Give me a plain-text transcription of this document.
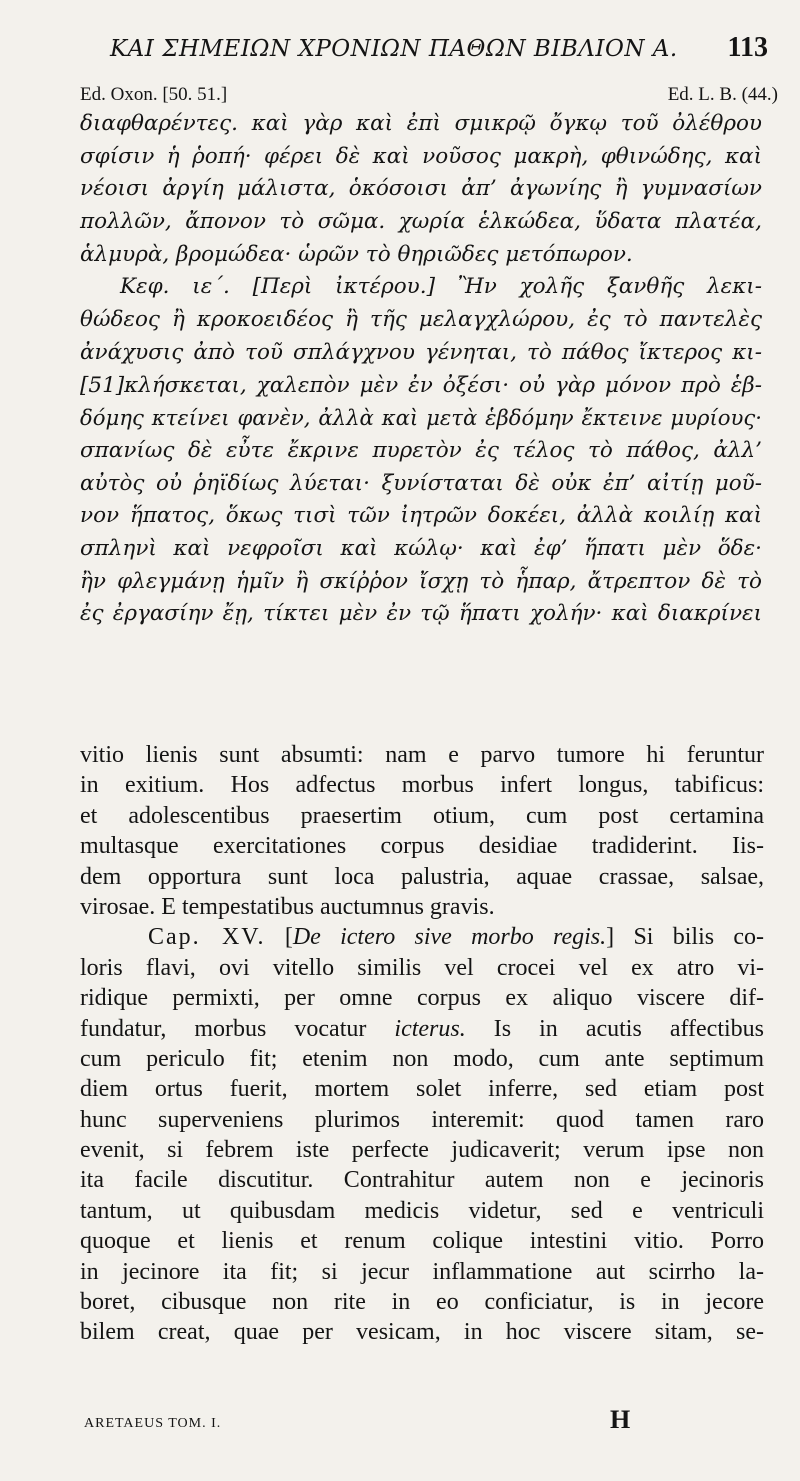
ΚΑΙ ΣΗΜΕΙΩΝ ΧΡΟΝΙΩΝ ΠΑΘΩΝ ΒΙΒΛΙΟΝ Α. 113
Ed. Oxon. [50. 51.]	Ed. L. B. (44.)
διαφθαρέντες. καὶ γὰρ καὶ ἐπὶ σμικρῷ ὄγκῳ τοῦ ὀλέθρου
σφίσιν ἡ ῥοπή· φέρει δὲ καὶ νοῦσος μακρὴ, φθινώδης, καὶ
νέοισι ἀργίη μάλιστα, ὁκόσοισι ἀπ’ ἀγωνίης ἢ γυμνασίων
πολλῶν, ἄπονον τὸ σῶμα. χωρία ἑλκώδεα, ὕδατα πλατέα,
ἁλμυρὰ, βρομώδεα· ὡρῶν τὸ θηριῶδες μετόπωρον.
Κεφ. ιε΄. [Περὶ ἰκτέρου.] Ἢν χολῆς ξανθῆς λεκι-
θώδεος ἢ κροκοειδέος ἢ τῆς μελαγχλώρου, ἐς τὸ παντελὲς
ἀνάχυσις ἀπὸ τοῦ σπλάγχνου γένηται, τὸ πάθος ἴκτερος κι-
[51]κλήσκεται, χαλεπὸν μὲν ἐν ὀξέσι· οὐ γὰρ μόνον πρὸ ἑβ-
δόμης κτείνει φανὲν, ἀλλὰ καὶ μετὰ ἑβδόμην ἔκτεινε μυρίους·
σπανίως δὲ εὖτε ἔκρινε πυρετὸν ἐς τέλος τὸ πάθος, ἀλλ’
αὐτὸς οὐ ῥηϊδίως λύεται· ξυνίσταται δὲ οὐκ ἐπ’ αἰτίῃ μοῦ-
νον ἥπατος, ὅκως τισὶ τῶν ἰητρῶν δοκέει, ἀλλὰ κοιλίῃ καὶ
σπληνὶ καὶ νεφροῖσι καὶ κώλῳ· καὶ ἐφ’ ἥπατι μὲν ὅδε·
ἢν φλεγμάνῃ ἡμῖν ἢ σκίῤῥον ἴσχῃ τὸ ἧπαρ, ἄτρεπτον δὲ τὸ
ἐς ἐργασίην ἔῃ, τίκτει μὲν ἐν τῷ ἥπατι χολήν· καὶ διακρίνει
vitio lienis sunt absumti: nam e parvo tumore hi feruntur
in exitium. Hos adfectus morbus infert longus, tabificus:
et adolescentibus praesertim otium, cum post certamina
multasque exercitationes corpus desidiae tradiderint. Iis-
dem opportura sunt loca palustria, aquae crassae, salsae,
virosae. E tempestatibus auctumnus gravis.
Cap. XV. [De ictero sive morbo regis.] Si bilis co-
loris flavi, ovi vitello similis vel crocei vel ex atro vi-
ridique permixti, per omne corpus ex aliquo viscere dif-
fundatur, morbus vocatur icterus. Is in acutis affectibus
cum periculo fit; etenim non modo, cum ante septimum
diem ortus fuerit, mortem solet inferre, sed etiam post
hunc superveniens plurimos interemit: quod tamen raro
evenit, si febrem iste perfecte judicaverit; verum ipse non
ita facile discutitur. Contrahitur autem non e jecinoris
tantum, ut quibusdam medicis videtur, sed e ventriculi
quoque et lienis et renum colique intestini vitio. Porro
in jecinore ita fit; si jecur inflammatione aut scirrho la-
boret, cibusque non rite in eo conficiatur, is in jecore
bilem creat, quae per vesicam, in hoc viscere sitam, se-
ARETAEUS TOM. I.	H
